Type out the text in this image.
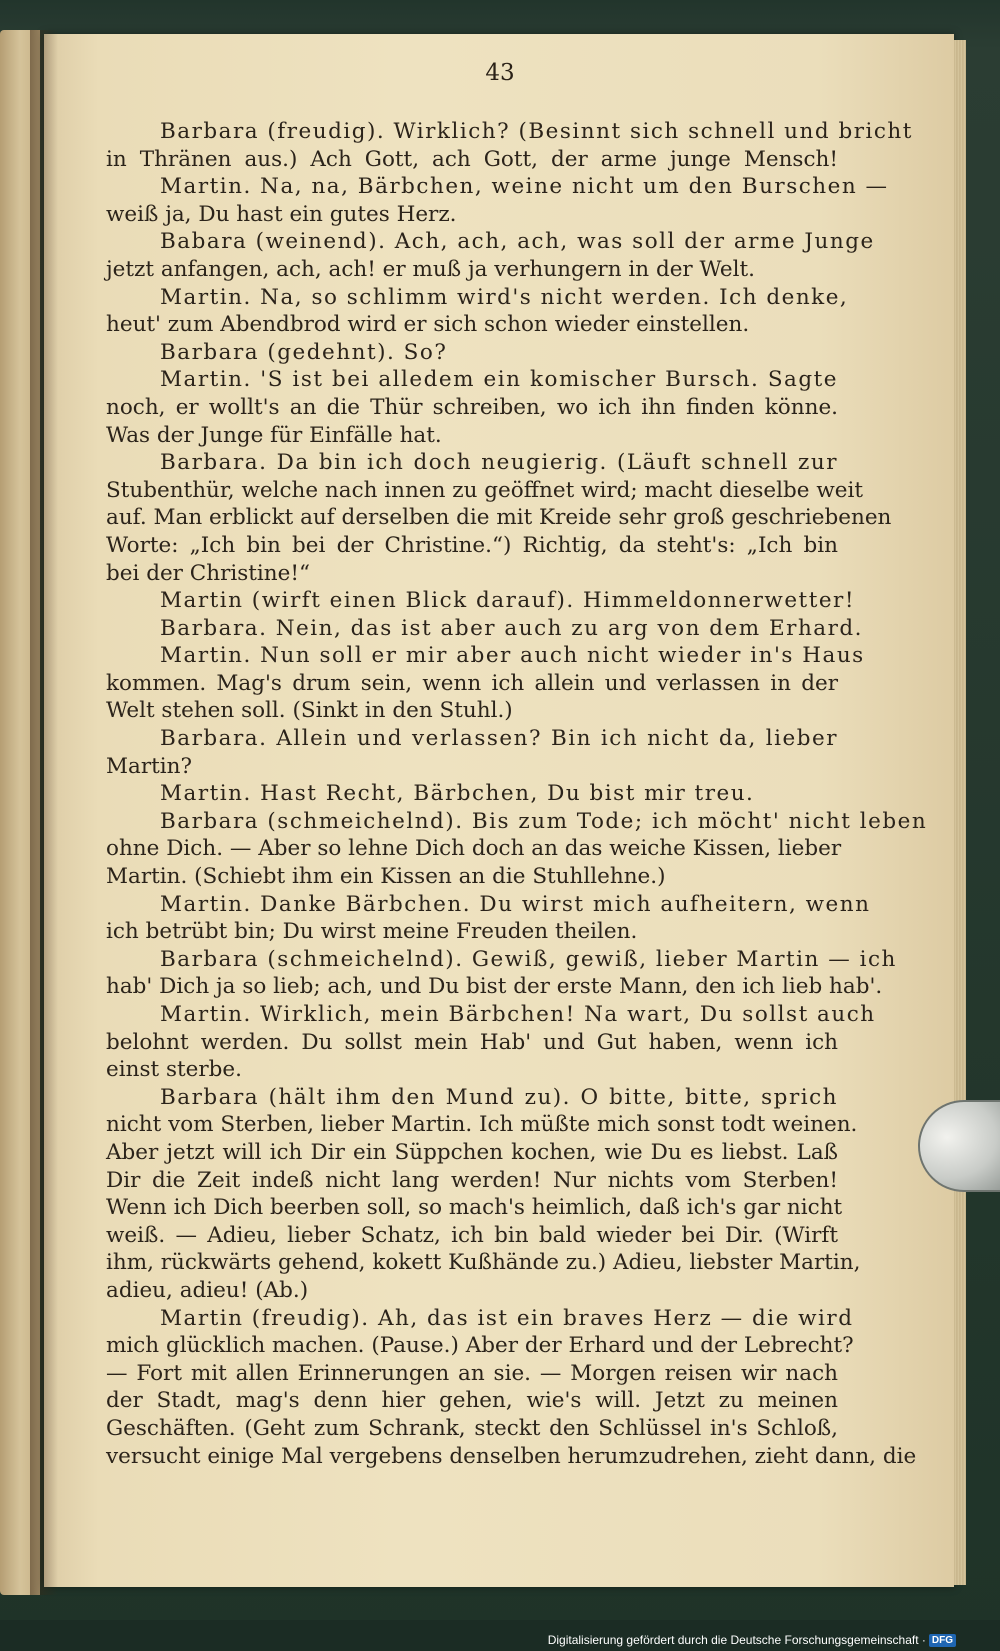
43
Barbara (freudig). Wirklich? (Besinnt sich schnell und bricht
in Thränen aus.) Ach Gott, ach Gott, der arme junge Mensch!
Martin. Na, na, Bärbchen, weine nicht um den Burschen —
weiß ja, Du hast ein gutes Herz.
Babara (weinend). Ach, ach, ach, was soll der arme Junge
jetzt anfangen, ach, ach! er muß ja verhungern in der Welt.
Martin. Na, so schlimm wird's nicht werden. Ich denke,
heut' zum Abendbrod wird er sich schon wieder einstellen.
Barbara (gedehnt). So?
Martin. 'S ist bei alledem ein komischer Bursch. Sagte
noch, er wollt's an die Thür schreiben, wo ich ihn finden könne.
Was der Junge für Einfälle hat.
Barbara. Da bin ich doch neugierig. (Läuft schnell zur
Stubenthür, welche nach innen zu geöffnet wird; macht dieselbe weit
auf. Man erblickt auf derselben die mit Kreide sehr groß geschriebenen
Worte: „Ich bin bei der Christine.“) Richtig, da steht's: „Ich bin
bei der Christine!“
Martin (wirft einen Blick darauf). Himmeldonnerwetter!
Barbara. Nein, das ist aber auch zu arg von dem Erhard.
Martin. Nun soll er mir aber auch nicht wieder in's Haus
kommen. Mag's drum sein, wenn ich allein und verlassen in der
Welt stehen soll. (Sinkt in den Stuhl.)
Barbara. Allein und verlassen? Bin ich nicht da, lieber
Martin?
Martin. Hast Recht, Bärbchen, Du bist mir treu.
Barbara (schmeichelnd). Bis zum Tode; ich möcht' nicht leben
ohne Dich. — Aber so lehne Dich doch an das weiche Kissen, lieber
Martin. (Schiebt ihm ein Kissen an die Stuhllehne.)
Martin. Danke Bärbchen. Du wirst mich aufheitern, wenn
ich betrübt bin; Du wirst meine Freuden theilen.
Barbara (schmeichelnd). Gewiß, gewiß, lieber Martin — ich
hab' Dich ja so lieb; ach, und Du bist der erste Mann, den ich lieb hab'.
Martin. Wirklich, mein Bärbchen! Na wart, Du sollst auch
belohnt werden. Du sollst mein Hab' und Gut haben, wenn ich
einst sterbe.
Barbara (hält ihm den Mund zu). O bitte, bitte, sprich
nicht vom Sterben, lieber Martin. Ich müßte mich sonst todt weinen.
Aber jetzt will ich Dir ein Süppchen kochen, wie Du es liebst. Laß
Dir die Zeit indeß nicht lang werden! Nur nichts vom Sterben!
Wenn ich Dich beerben soll, so mach's heimlich, daß ich's gar nicht
weiß. — Adieu, lieber Schatz, ich bin bald wieder bei Dir. (Wirft
ihm, rückwärts gehend, kokett Kußhände zu.) Adieu, liebster Martin,
adieu, adieu! (Ab.)
Martin (freudig). Ah, das ist ein braves Herz — die wird
mich glücklich machen. (Pause.) Aber der Erhard und der Lebrecht?
— Fort mit allen Erinnerungen an sie. — Morgen reisen wir nach
der Stadt, mag's denn hier gehen, wie's will. Jetzt zu meinen
Geschäften. (Geht zum Schrank, steckt den Schlüssel in's Schloß,
versucht einige Mal vergebens denselben herumzudrehen, zieht dann, die
Digitalisierung gefördert durch die Deutsche Forschungsgemeinschaft · DFG
